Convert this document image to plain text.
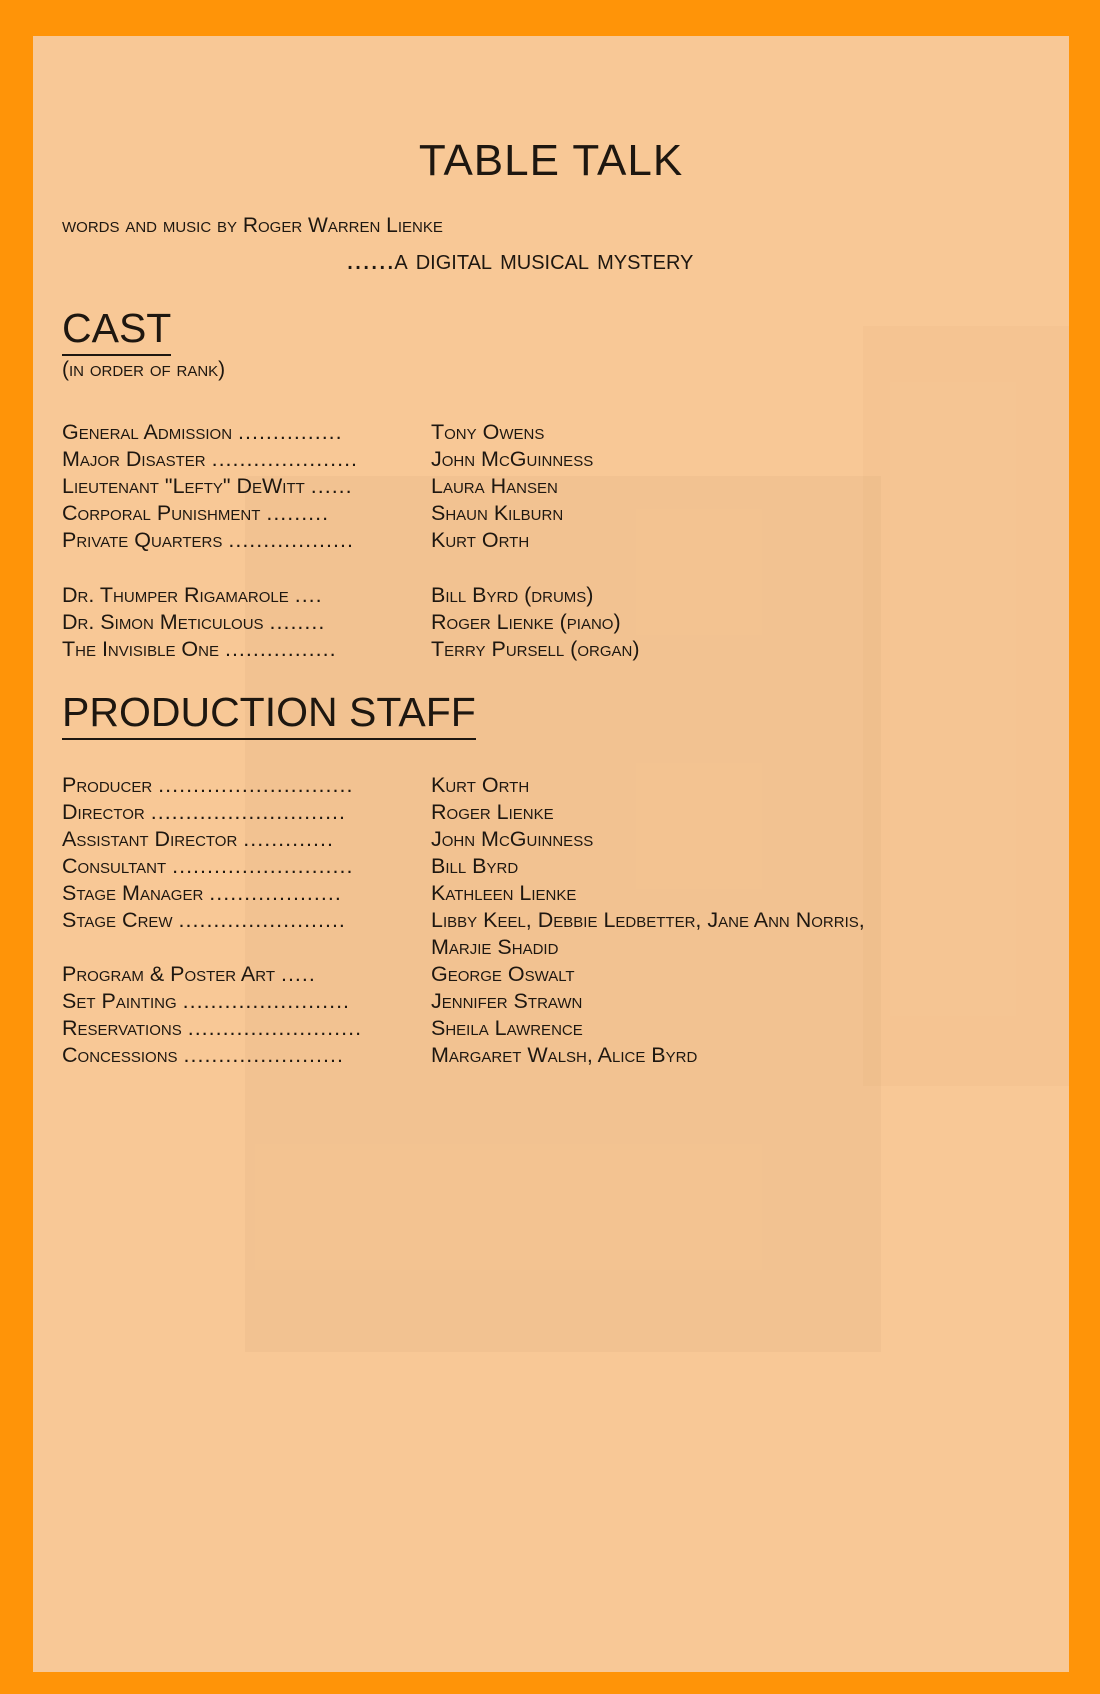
TABLE TALK
words and music by Roger Warren Lienke
......a digital musical mystery
CAST
(in order of rank)
General Admission ...............	Tony Owens
Major Disaster .....................	John McGuinness
Lieutenant "Lefty" DeWitt ......	Laura Hansen
Corporal Punishment .........	Shaun Kilburn
Private Quarters ..................	Kurt Orth
Dr. Thumper Rigamarole ....	Bill Byrd (drums)
Dr. Simon Meticulous ........	Roger Lienke (piano)
The Invisible One ................	Terry Pursell (organ)
PRODUCTION STAFF
Producer ............................	Kurt Orth
Director ............................	Roger Lienke
Assistant Director .............	John McGuinness
Consultant ..........................	Bill Byrd
Stage Manager ...................	Kathleen Lienke
Stage Crew ........................	Libby Keel, Debbie Ledbetter, Jane Ann Norris,
Marjie Shadid
Program & Poster Art .....	George Oswalt
Set Painting ........................	Jennifer Strawn
Reservations .........................	Sheila Lawrence
Concessions .......................	Margaret Walsh, Alice Byrd
